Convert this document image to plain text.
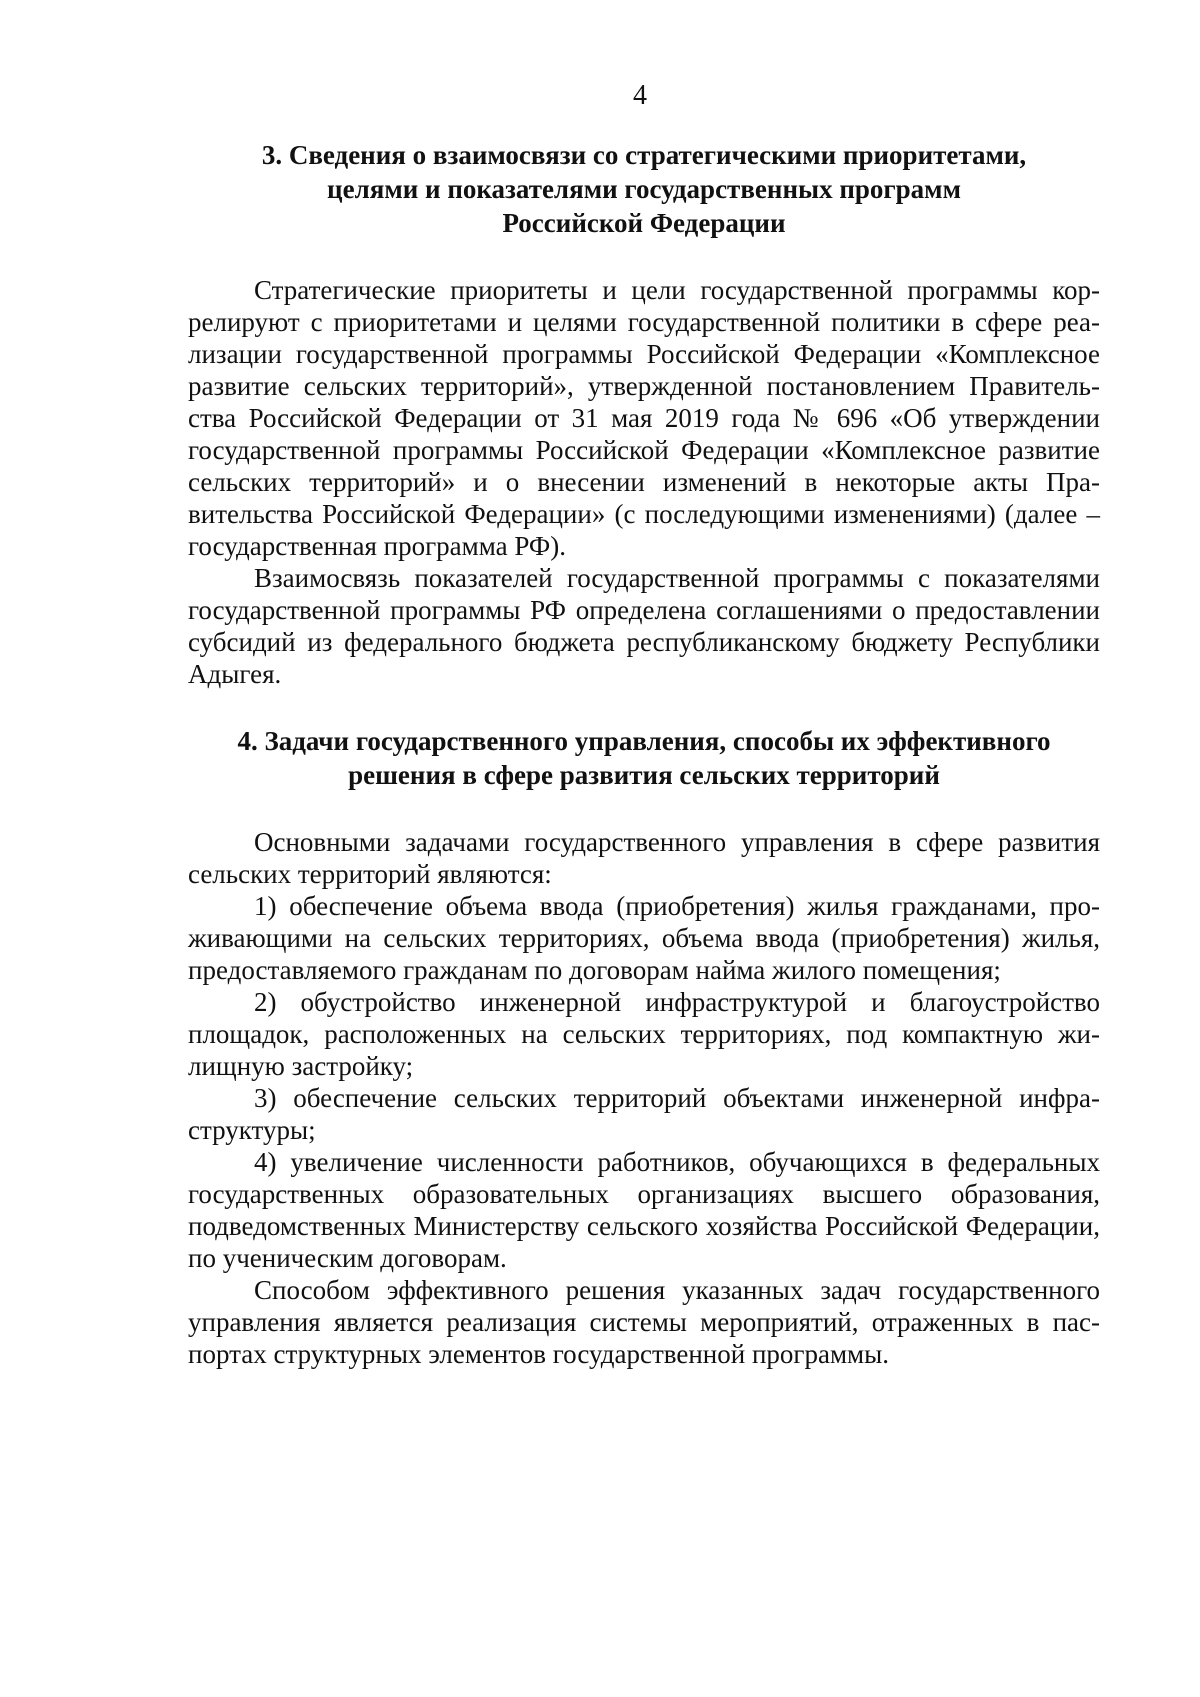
4
3. Сведения о взаимосвязи со стратегическими приоритетами,
целями и показателями государственных программ
Российской Федерации

Стратегические приоритеты и цели государственной программы коррелируют с приоритетами и целями государственной политики в сфере реализации государственной программы Российской Федерации «Комплексное развитие сельских территорий», утвержденной постановлением Правительства Российской Федерации от 31 мая 2019 года № 696 «Об утверждении государственной программы Российской Федерации «Комплексное развитие сельских территорий» и о внесении изменений в некоторые акты Правительства Российской Федерации» (с последующими изменениями) (далее – государственная программа РФ).

Взаимосвязь показателей государственной программы с показателями государственной программы РФ определена соглашениями о предоставлении субсидий из федерального бюджета республиканскому бюджету Республики Адыгея.

4. Задачи государственного управления, способы их эффективного
решения в сфере развития сельских территорий

Основными задачами государственного управления в сфере развития сельских территорий являются:

1) обеспечение объема ввода (приобретения) жилья гражданами, проживающими на сельских территориях, объема ввода (приобретения) жилья, предоставляемого гражданам по договорам найма жилого помещения;

2) обустройство инженерной инфраструктурой и благоустройство площадок, расположенных на сельских территориях, под компактную жилищную застройку;

3) обеспечение сельских территорий объектами инженерной инфраструктуры;

4) увеличение численности работников, обучающихся в федеральных государственных образовательных организациях высшего образования, подведомственных Министерству сельского хозяйства Российской Федерации, по ученическим договорам.

Способом эффективного решения указанных задач государственного управления является реализация системы мероприятий, отраженных в паспортах структурных элементов государственной программы.
